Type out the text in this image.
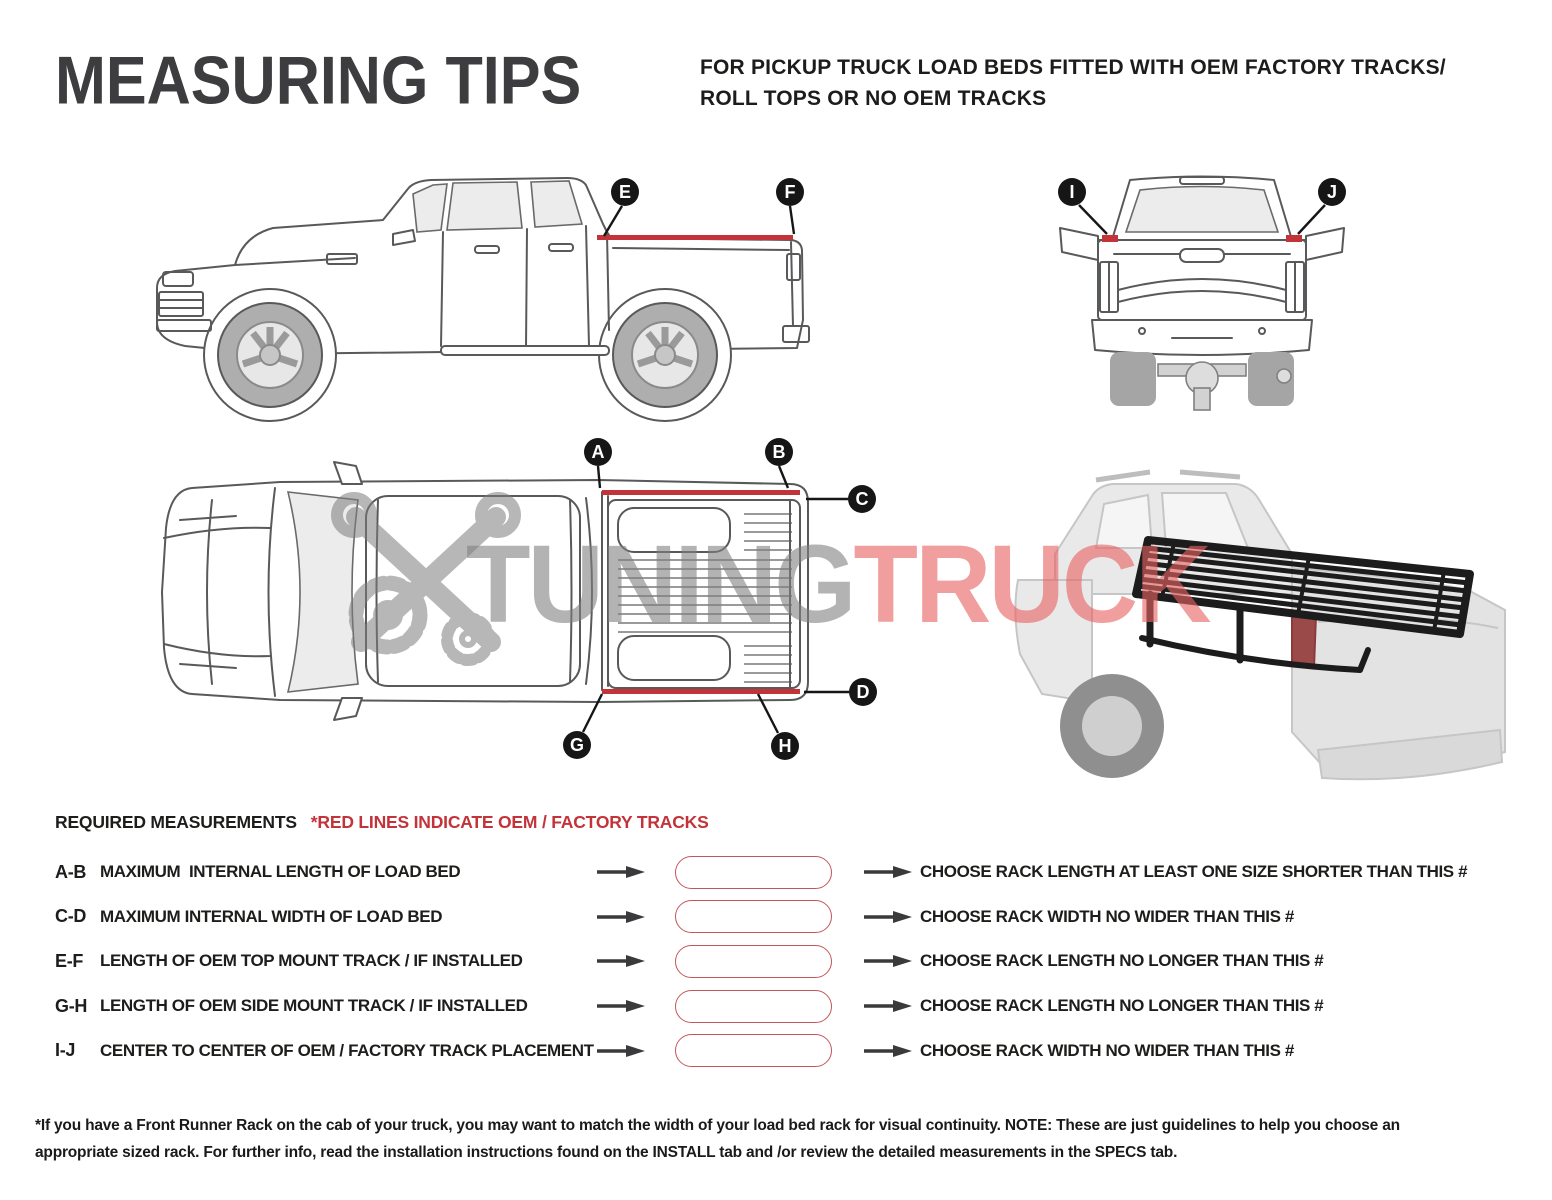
MEASURING TIPS	FOR PICKUP TRUCK LOAD BEDS FITTED WITH OEM FACTORY TRACKS/ ROLL TOPS OR NO OEM TRACKS
E	F	I	J
A	B
C
D
G	H
TUNINGTRUCK
REQUIRED MEASUREMENTS *RED LINES INDICATE OEM / FACTORY TRACKS
A-B MAXIMUM  INTERNAL LENGTH OF LOAD BED	CHOOSE RACK LENGTH AT LEAST ONE SIZE SHORTER THAN THIS #
C-D MAXIMUM INTERNAL WIDTH OF LOAD BED	CHOOSE RACK WIDTH NO WIDER THAN THIS #
E-F LENGTH OF OEM TOP MOUNT TRACK / IF INSTALLED	CHOOSE RACK LENGTH NO LONGER THAN THIS #
G-H LENGTH OF OEM SIDE MOUNT TRACK / IF INSTALLED	CHOOSE RACK LENGTH NO LONGER THAN THIS #
I-J	CENTER TO CENTER OF OEM / FACTORY TRACK PLACEMENT	CHOOSE RACK WIDTH NO WIDER THAN THIS #
*If you have a Front Runner Rack on the cab of your truck, you may want to match the width of your load bed rack for visual continuity. NOTE: These are just guidelines to help you choose an appropriate sized rack. For further info, read the installation instructions found on the INSTALL tab and /or review the detailed measurements in the SPECS tab.
